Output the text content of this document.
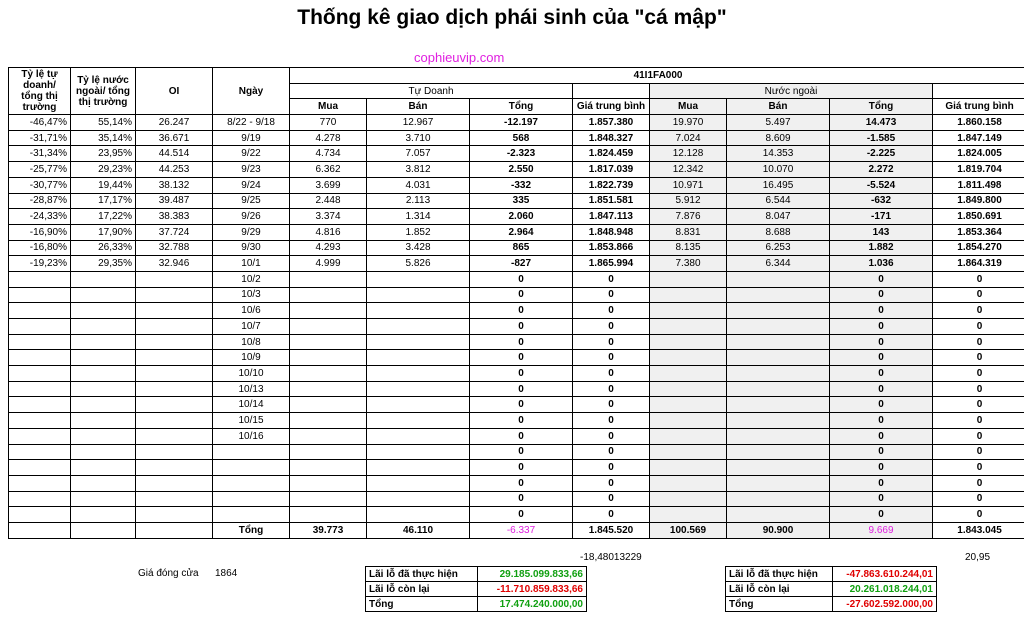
Thống kê giao dịch phái sinh của "cá mập"
cophieuvip.com
Tỷ lệ tự doanh/ tổng thị trường	Tỷ lệ nước ngoài/ tổng thị trường	OI	Ngày	41I1FA000							
				Tự Doanh				Nước ngoài			
				Mua	Bán	Tổng	Giá trung bình	Mua	Bán	Tổng	Giá trung bình
-46,47%	55,14%	26.247	8/22 - 9/18	770	12.967	-12.197	1.857.380	19.970	5.497	14.473	1.860.158
-31,71%	35,14%	36.671	9/19	4.278	3.710	568	1.848.327	7.024	8.609	-1.585	1.847.149
-31,34%	23,95%	44.514	9/22	4.734	7.057	-2.323	1.824.459	12.128	14.353	-2.225	1.824.005
-25,77%	29,23%	44.253	9/23	6.362	3.812	2.550	1.817.039	12.342	10.070	2.272	1.819.704
-30,77%	19,44%	38.132	9/24	3.699	4.031	-332	1.822.739	10.971	16.495	-5.524	1.811.498
-28,87%	17,17%	39.487	9/25	2.448	2.113	335	1.851.581	5.912	6.544	-632	1.849.800
-24,33%	17,22%	38.383	9/26	3.374	1.314	2.060	1.847.113	7.876	8.047	-171	1.850.691
-16,90%	17,90%	37.724	9/29	4.816	1.852	2.964	1.848.948	8.831	8.688	143	1.853.364
-16,80%	26,33%	32.788	9/30	4.293	3.428	865	1.853.866	8.135	6.253	1.882	1.854.270
-19,23%	29,35%	32.946	10/1	4.999	5.826	-827	1.865.994	7.380	6.344	1.036	1.864.319
			10/2			0	0			0	0
			10/3			0	0			0	0
			10/6			0	0			0	0
			10/7			0	0			0	0
			10/8			0	0			0	0
			10/9			0	0			0	0
			10/10			0	0			0	0
			10/13			0	0			0	0
			10/14			0	0			0	0
			10/15			0	0			0	0
			10/16			0	0			0	0
						0	0			0	0
						0	0			0	0
						0	0			0	0
						0	0			0	0
						0	0			0	0
			Tổng	39.773	46.110	-6.337	1.845.520	100.569	90.900	9.669	1.843.045
-18,48013229	20,95
Giá đóng cửa 1864	Lãi lỗ đã thực hiện	29.185.099.833,66
Lãi lỗ còn lại	-11.710.859.833,66
Tổng	17.474.240.000,00
Lãi lỗ đã thực hiện	-47.863.610.244,01
Lãi lỗ còn lại	20.261.018.244,01
Tổng	-27.602.592.000,00
